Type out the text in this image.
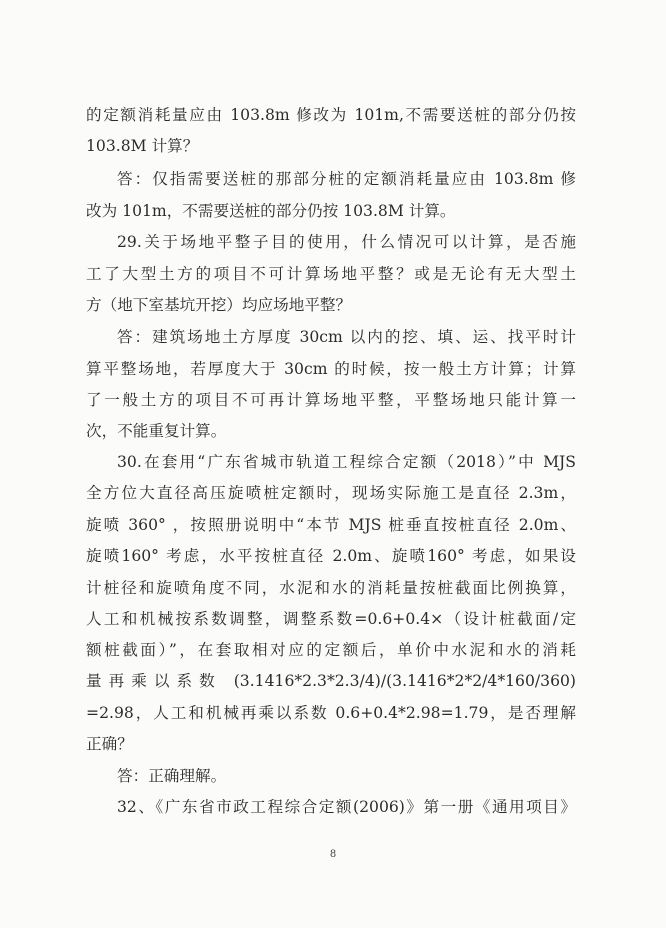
的定额消耗量应由 103.8m 修改为 101m,不需要送桩的部分仍按
103.8M 计算？
答：仅指需要送桩的那部分桩的定额消耗量应由 103.8m 修
改为 101m，不需要送桩的部分仍按 103.8M 计算。
29.关于场地平整子目的使用，什么情况可以计算，是否施
工了大型土方的项目不可计算场地平整？或是无论有无大型土
方（地下室基坑开挖）均应场地平整？
答：建筑场地土方厚度 30cm 以内的挖、填、运、找平时计
算平整场地，若厚度大于 30cm 的时候，按一般土方计算；计算
了一般土方的项目不可再计算场地平整，平整场地只能计算一
次，不能重复计算。
30.在套用“广东省城市轨道工程综合定额（2018）”中 MJS
全方位大直径高压旋喷桩定额时，现场实际施工是直径 2.3m，
旋喷 360° ，按照册说明中“本节 MJS 桩垂直按桩直径 2.0m、
旋喷160° 考虑，水平按桩直径 2.0m、旋喷160° 考虑，如果设
计桩径和旋喷角度不同，水泥和水的消耗量按桩截面比例换算，
人工和机械按系数调整，调整系数=0.6+0.4×（设计桩截面/定
额桩截面）”，在套取相对应的定额后，单价中水泥和水的消耗
量再乘以系数 (3.1416*2.3*2.3/4)/(3.1416*2*2/4*160/360)
=2.98，人工和机械再乘以系数 0.6+0.4*2.98=1.79，是否理解
正确？
答：正确理解。
32、《广东省市政工程综合定额(2006)》第一册《通用项目》
8
